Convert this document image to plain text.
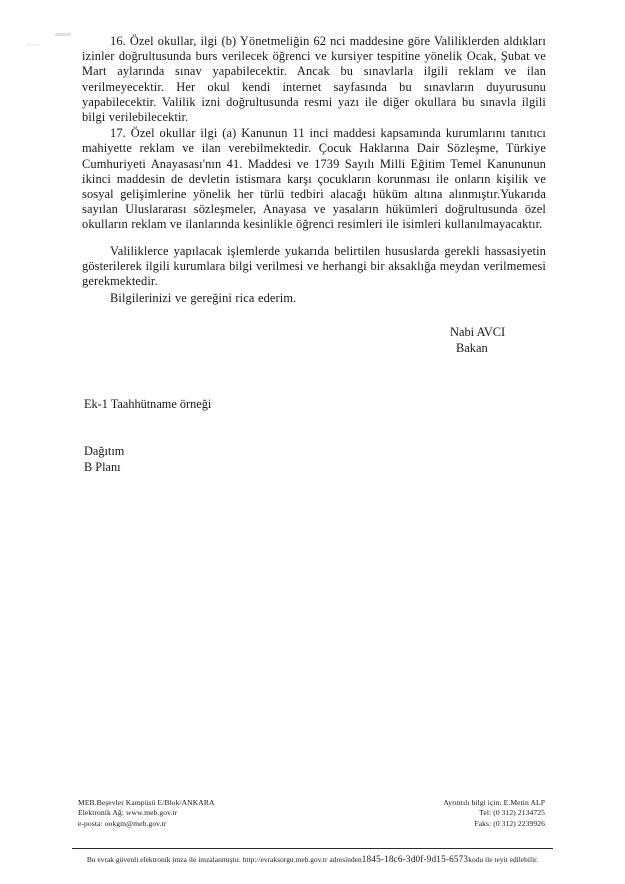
16. Özel okullar, ilgi (b) Yönetmeliğin 62 nci maddesine göre Valiliklerden aldıkları izinler doğrultusunda burs verilecek öğrenci ve kursiyer tespitine yönelik Ocak, Şubat ve Mart aylarında sınav yapabilecektir. Ancak bu sınavlarla ilgili reklam ve ilan verilmeyecektir. Her okul kendi internet sayfasında bu sınavların duyurusunu yapabilecektir. Valilik izni doğrultusunda resmi yazı ile diğer okullara bu sınavla ilgili bilgi verilebilecektir.

17. Özel okullar ilgi (a) Kanunun 11 inci maddesi kapsamında kurumlarını tanıtıcı mahiyette reklam ve ilan verebilmektedir. Çocuk Haklarına Dair Sözleşme, Türkiye Cumhuriyeti Anayasası'nın 41. Maddesi ve 1739 Sayılı Milli Eğitim Temel Kanununun ikinci maddesin de devletin istismara karşı çocukların korunması ile onların kişilik ve sosyal gelişimlerine yönelik her türlü tedbiri alacağı hüküm altına alınmıştır.Yukarıda sayılan Uluslararası sözleşmeler, Anayasa ve yasaların hükümleri doğrultusunda özel okulların reklam ve ilanlarında kesinlikle öğrenci resimleri ile isimleri kullanılmayacaktır.

Valiliklerce yapılacak işlemlerde yukarıda belirtilen hususlarda gerekli hassasiyetin gösterilerek ilgili kurumlara bilgi verilmesi ve herhangi bir aksaklığa meydan verilmemesi gerekmektedir.

Bilgilerinizi ve gereğini rica ederim.

Nabi AVCI
Bakan
Ek-1 Taahhütname örneği
Dağıtım
B Planı
MEB.Beşevler Kampüsü E/Blok/ANKARA
Elektronik Ağ: www.meb.gov.tr
e-posta: ookgm@meb.gov.tr
Ayrıntılı bilgi için: E.Metin ALP
Tel: (0 312) 2134725
Faks: (0 312) 2239926
Bu evrak güvenli elektronik imza ile imzalanmıştır. http://evraksorgu.meb.gov.tr adresinden1845-18c6-3d0f-9d15-6573kodu ile teyit edilebilir.
